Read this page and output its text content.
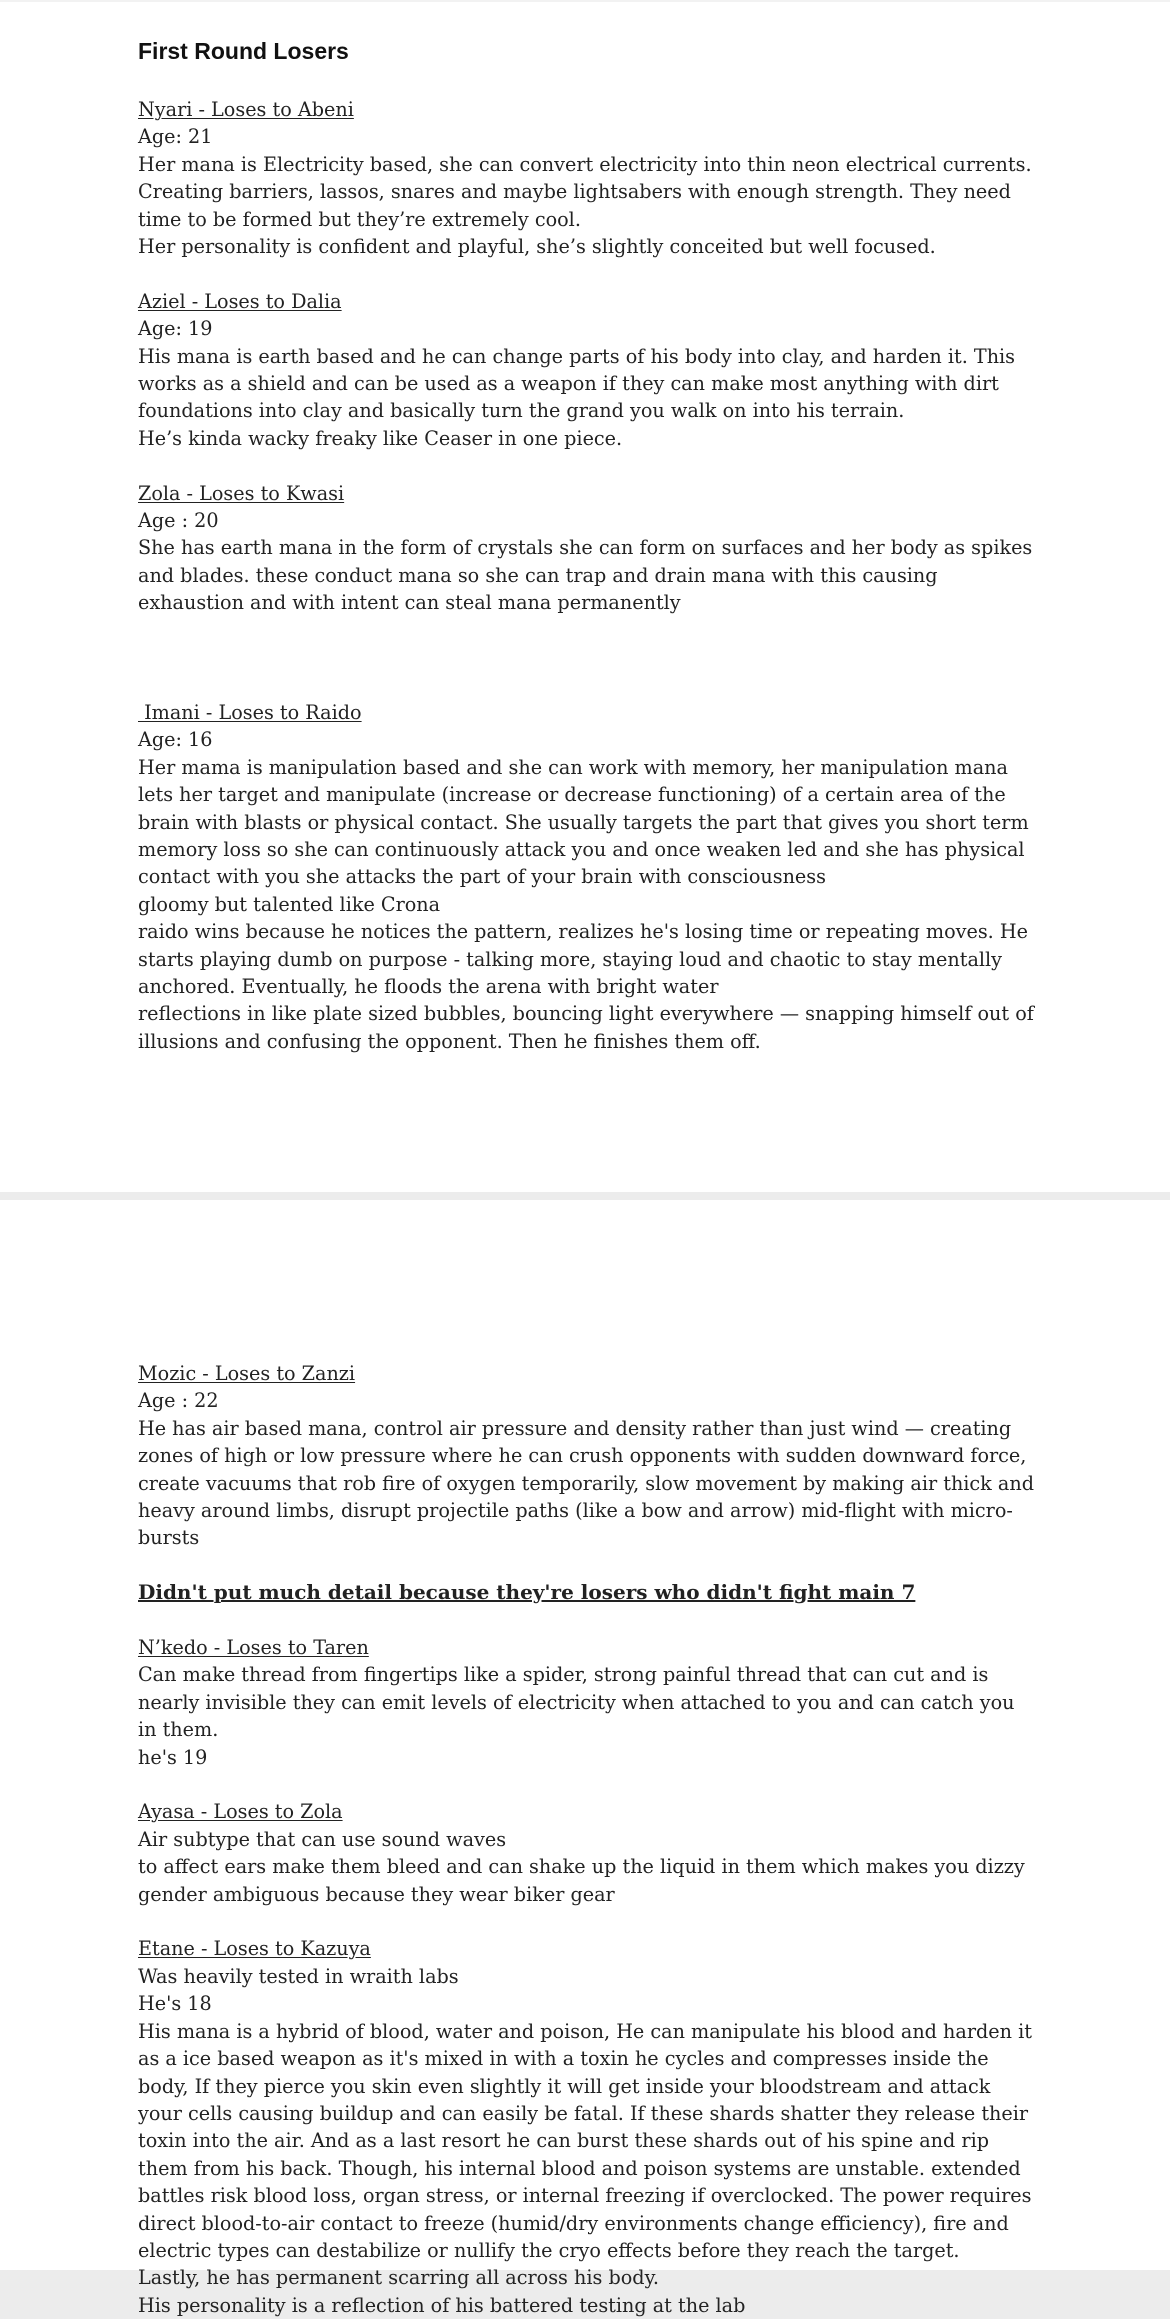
First Round Losers

Nyari - Loses to Abeni

Age: 21

Her mana is Electricity based, she can convert electricity into thin neon electrical currents. Creating barriers, lassos, snares and maybe lightsabers with enough strength. They need time to be formed but they’re extremely cool.

Her personality is confident and playful, she’s slightly conceited but well focused.

Aziel - Loses to Dalia

Age: 19

His mana is earth based and he can change parts of his body into clay, and harden it. This works as a shield and can be used as a weapon if they can make most anything with dirt foundations into clay and basically turn the grand you walk on into his terrain.

He’s kinda wacky freaky like Ceaser in one piece.

Zola - Loses to Kwasi

Age : 20

She has earth mana in the form of crystals she can form on surfaces and her body as spikes and blades. these conduct mana so she can trap and drain mana with this causing exhaustion and with intent can steal mana permanently

Imani - Loses to Raido

Age: 16

Her mama is manipulation based and she can work with memory, her manipulation mana lets her target and manipulate (increase or decrease functioning) of a certain area of the brain with blasts or physical contact. She usually targets the part that gives you short term memory loss so she can continuously attack you and once weaken led and she has physical contact with you she attacks the part of your brain with consciousness

gloomy but talented like Crona

raido wins because he notices the pattern, realizes he's losing time or repeating moves. He starts playing dumb on purpose - talking more, staying loud and chaotic to stay mentally anchored. Eventually, he floods the arena with bright water

reflections in like plate sized bubbles, bouncing light everywhere — snapping himself out of illusions and confusing the opponent. Then he finishes them off.

Mozic - Loses to Zanzi

Age : 22

He has air based mana, control air pressure and density rather than just wind — creating zones of high or low pressure where he can crush opponents with sudden downward force, create vacuums that rob fire of oxygen temporarily, slow movement by making air thick and heavy around limbs, disrupt projectile paths (like a bow and arrow) mid-flight with micro-bursts

Didn't put much detail because they're losers who didn't fight main 7

N’kedo - Loses to Taren

Can make thread from fingertips like a spider, strong painful thread that can cut and is nearly invisible they can emit levels of electricity when attached to you and can catch you in them.

he's 19

Ayasa - Loses to Zola

Air subtype that can use sound waves

to affect ears make them bleed and can shake up the liquid in them which makes you dizzy

gender ambiguous because they wear biker gear

Etane - Loses to Kazuya

Was heavily tested in wraith labs

He's 18

His mana is a hybrid of blood, water and poison, He can manipulate his blood and harden it as a ice based weapon as it's mixed in with a toxin he cycles and compresses inside the body, If they pierce you skin even slightly it will get inside your bloodstream and attack your cells causing buildup and can easily be fatal. If these shards shatter they release their toxin into the air. And as a last resort he can burst these shards out of his spine and rip them from his back. Though, his internal blood and poison systems are unstable. extended battles risk blood loss, organ stress, or internal freezing if overclocked. The power requires direct blood-to-air contact to freeze (humid/dry environments change efficiency), fire and electric types can destabilize or nullify the cryo effects before they reach the target.

Lastly, he has permanent scarring all across his body.

His personality is a reflection of his battered testing at the lab
